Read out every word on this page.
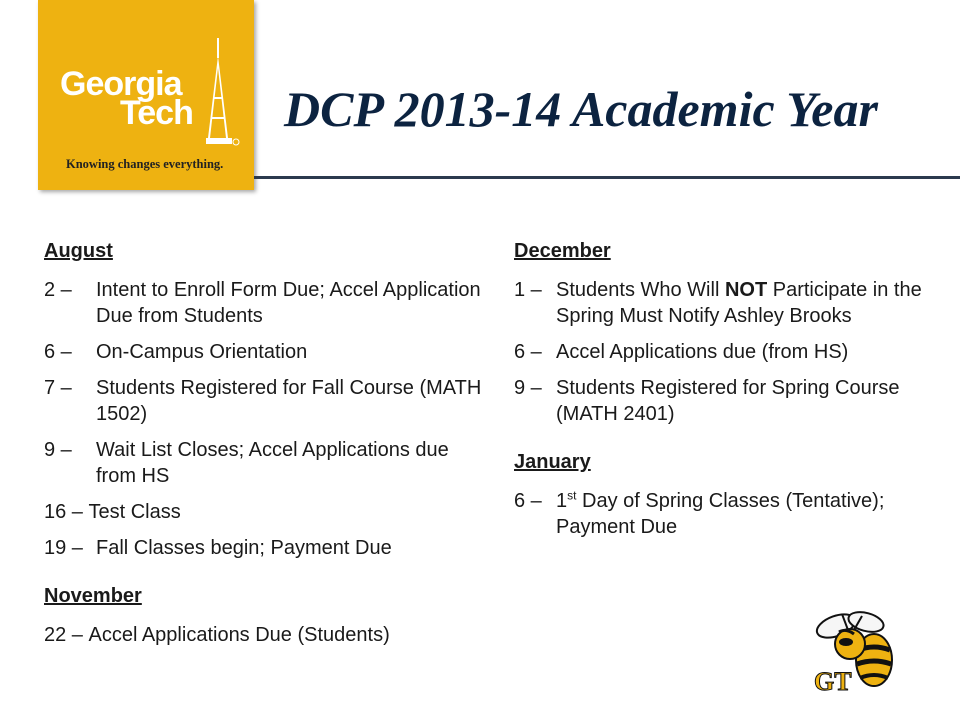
Georgia
Tech
Knowing changes everything.
DCP 2013-14 Academic Year
August
2 –	Intent to Enroll Form Due; Accel Application Due from Students
6 –	On-Campus Orientation
7 –	Students Registered for Fall Course (MATH 1502)
9 –	Wait List Closes; Accel Applications due from HS
16 – Test Class
19 – Fall Classes begin; Payment Due
November
22 – Accel Applications Due (Students)
December
1 – Students Who Will NOT Participate in the Spring Must Notify Ashley Brooks
6 – Accel Applications due (from HS)
9 – Students Registered for Spring Course (MATH 2401)
January
6 – 1st Day of Spring Classes (Tentative); Payment Due
GT
